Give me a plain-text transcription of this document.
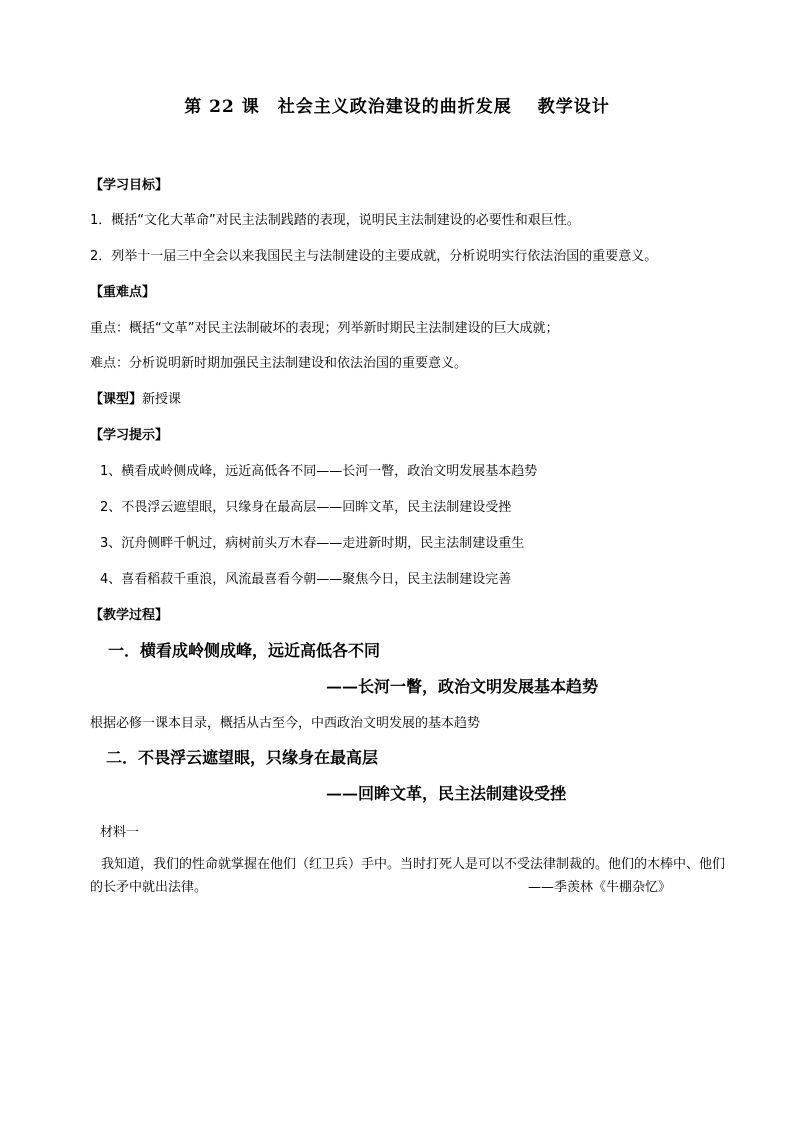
第 22 课 社会主义政治建设的曲折发展 教学设计
【学习目标】
1．概括“文化大革命”对民主法制践踏的表现，说明民主法制建设的必要性和艰巨性。
2．列举十一届三中全会以来我国民主与法制建设的主要成就，分析说明实行依法治国的重要意义。
【重难点】
重点：概括“文革”对民主法制破坏的表现；列举新时期民主法制建设的巨大成就；
难点：分析说明新时期加强民主法制建设和依法治国的重要意义。
【课型】新授课
【学习提示】
1、横看成岭侧成峰，远近高低各不同——长河一瞥，政治文明发展基本趋势
2、不畏浮云遮望眼，只缘身在最高层——回眸文革，民主法制建设受挫
3、沉舟侧畔千帆过，病树前头万木春——走进新时期，民主法制建设重生
4、喜看稻菽千重浪，风流最喜看今朝——聚焦今日，民主法制建设完善
【教学过程】
一．横看成岭侧成峰，远近高低各不同
——长河一瞥，政治文明发展基本趋势
根据必修一课本目录，概括从古至今，中西政治文明发展的基本趋势
二．不畏浮云遮望眼，只缘身在最高层
——回眸文革，民主法制建设受挫
材料一
我知道，我们的性命就掌握在他们（红卫兵）手中。当时打死人是可以不受法律制裁的。他们的木棒中、他们的长矛中就出法律。	——季羡林《牛棚杂忆》
